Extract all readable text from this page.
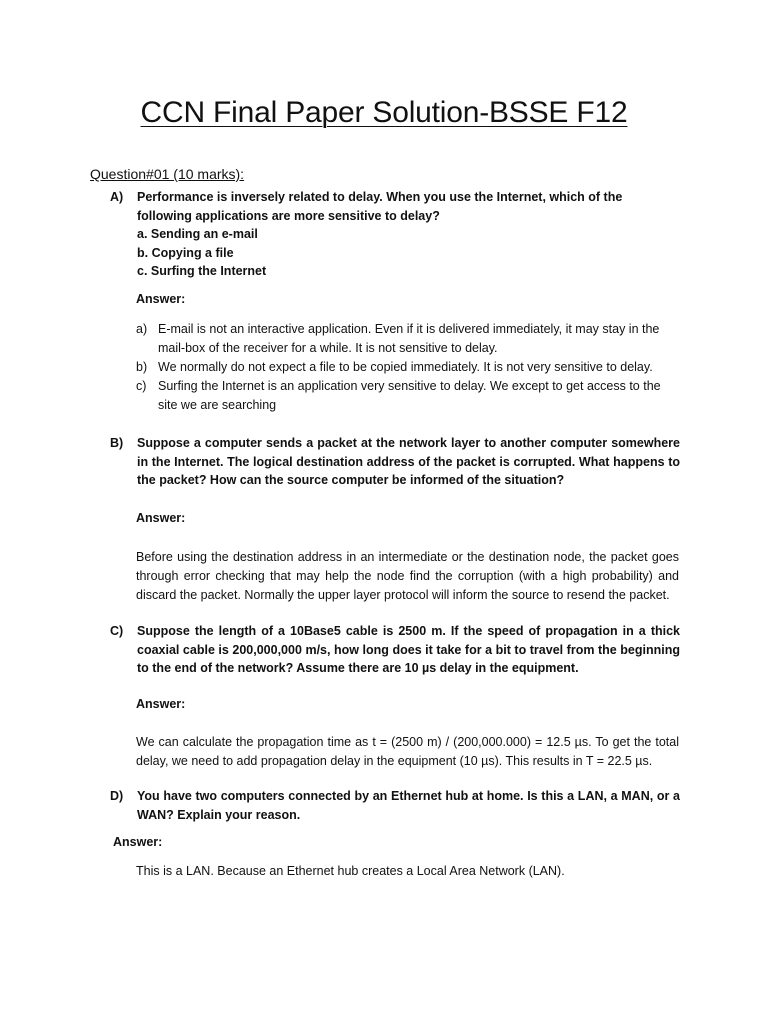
CCN Final Paper Solution-BSSE F12
Question#01 (10 marks):
A) Performance is inversely related to delay. When you use the Internet, which of the following applications are more sensitive to delay?
a. Sending an e-mail
b. Copying a file
c. Surfing the Internet
Answer:
a) E-mail is not an interactive application. Even if it is delivered immediately, it may stay in the mail-box of the receiver for a while. It is not sensitive to delay.
b) We normally do not expect a file to be copied immediately. It is not very sensitive to delay.
c) Surfing the Internet is an application very sensitive to delay. We except to get access to the site we are searching
B) Suppose a computer sends a packet at the network layer to another computer somewhere in the Internet. The logical destination address of the packet is corrupted. What happens to the packet? How can the source computer be informed of the situation?
Answer:
Before using the destination address in an intermediate or the destination node, the packet goes through error checking that may help the node find the corruption (with a high probability) and discard the packet. Normally the upper layer protocol will inform the source to resend the packet.
C) Suppose the length of a 10Base5 cable is 2500 m. If the speed of propagation in a thick coaxial cable is 200,000,000 m/s, how long does it take for a bit to travel from the beginning to the end of the network? Assume there are 10 µs delay in the equipment.
Answer:
We can calculate the propagation time as t = (2500 m) / (200,000.000) = 12.5 µs. To get the total delay, we need to add propagation delay in the equipment (10 µs). This results in T = 22.5 µs.
D) You have two computers connected by an Ethernet hub at home. Is this a LAN, a MAN, or a WAN? Explain your reason.
Answer:
This is a LAN. Because an Ethernet hub creates a Local Area Network (LAN).
